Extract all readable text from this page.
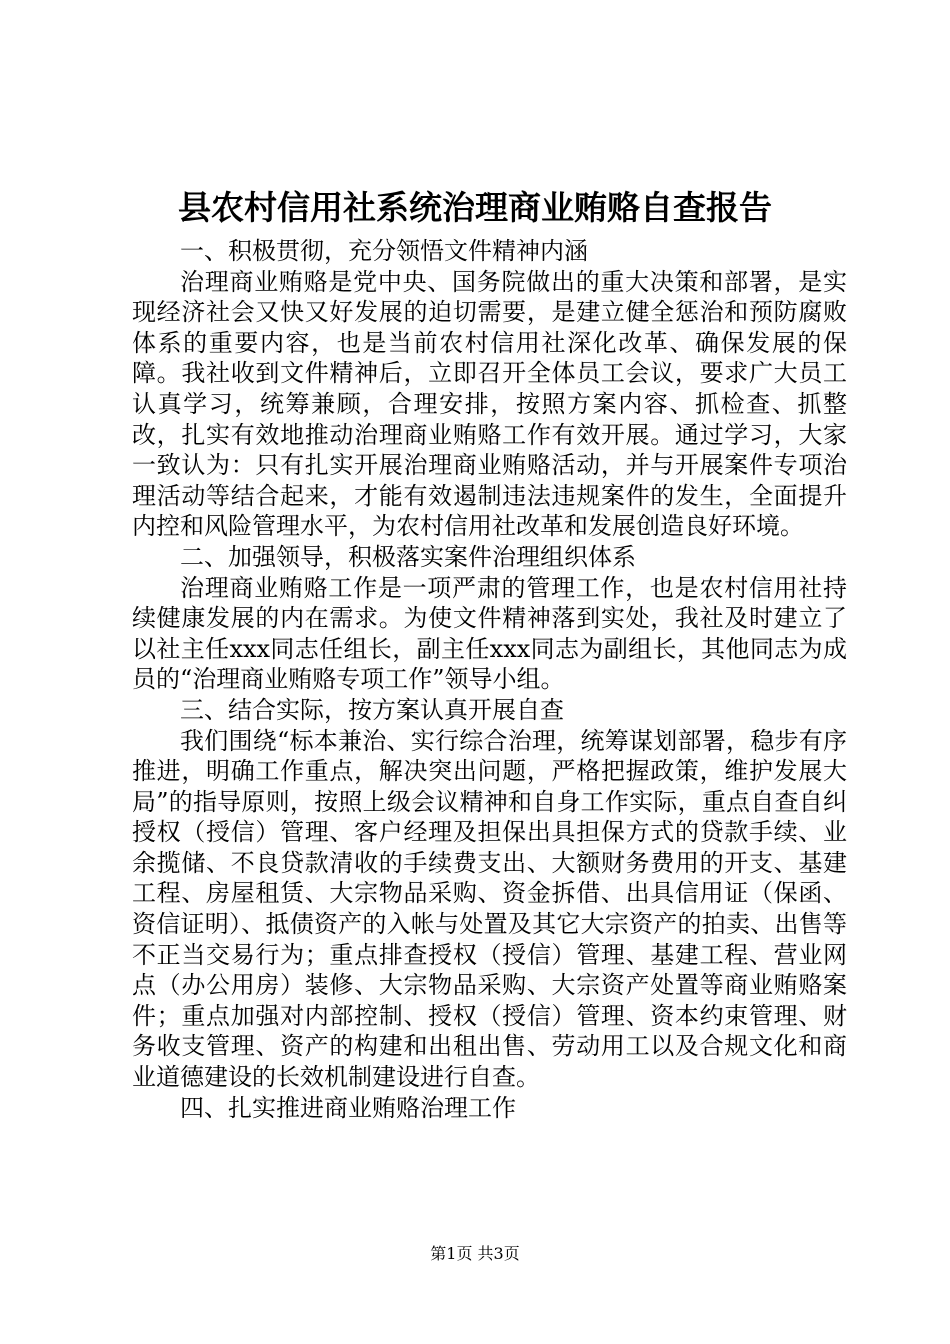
县农村信用社系统治理商业贿赂自查报告

一、积极贯彻，充分领悟文件精神内涵

治理商业贿赂是党中央、国务院做出的重大决策和部署，是实现经济社会又快又好发展的迫切需要，是建立健全惩治和预防腐败体系的重要内容，也是当前农村信用社深化改革、确保发展的保障。我社收到文件精神后，立即召开全体员工会议，要求广大员工认真学习，统筹兼顾，合理安排，按照方案内容、抓检查、抓整改，扎实有效地推动治理商业贿赂工作有效开展。通过学习，大家一致认为：只有扎实开展治理商业贿赂活动，并与开展案件专项治理活动等结合起来，才能有效遏制违法违规案件的发生，全面提升内控和风险管理水平，为农村信用社改革和发展创造良好环境。

二、加强领导，积极落实案件治理组织体系

治理商业贿赂工作是一项严肃的管理工作，也是农村信用社持续健康发展的内在需求。为使文件精神落到实处，我社及时建立了以社主任xxx同志任组长，副主任xxx同志为副组长，其他同志为成员的“治理商业贿赂专项工作”领导小组。

三、结合实际，按方案认真开展自查

我们围绕“标本兼治、实行综合治理，统筹谋划部署，稳步有序推进，明确工作重点，解决突出问题，严格把握政策，维护发展大局”的指导原则，按照上级会议精神和自身工作实际，重点自查自纠授权（授信）管理、客户经理及担保出具担保方式的贷款手续、业余揽储、不良贷款清收的手续费支出、大额财务费用的开支、基建工程、房屋租赁、大宗物品采购、资金拆借、出具信用证（保函、资信证明）、抵债资产的入帐与处置及其它大宗资产的拍卖、出售等不正当交易行为；重点排查授权（授信）管理、基建工程、营业网点（办公用房）装修、大宗物品采购、大宗资产处置等商业贿赂案件；重点加强对内部控制、授权（授信）管理、资本约束管理、财务收支管理、资产的构建和出租出售、劳动用工以及合规文化和商业道德建设的长效机制建设进行自查。

四、扎实推进商业贿赂治理工作

第1页 共3页
